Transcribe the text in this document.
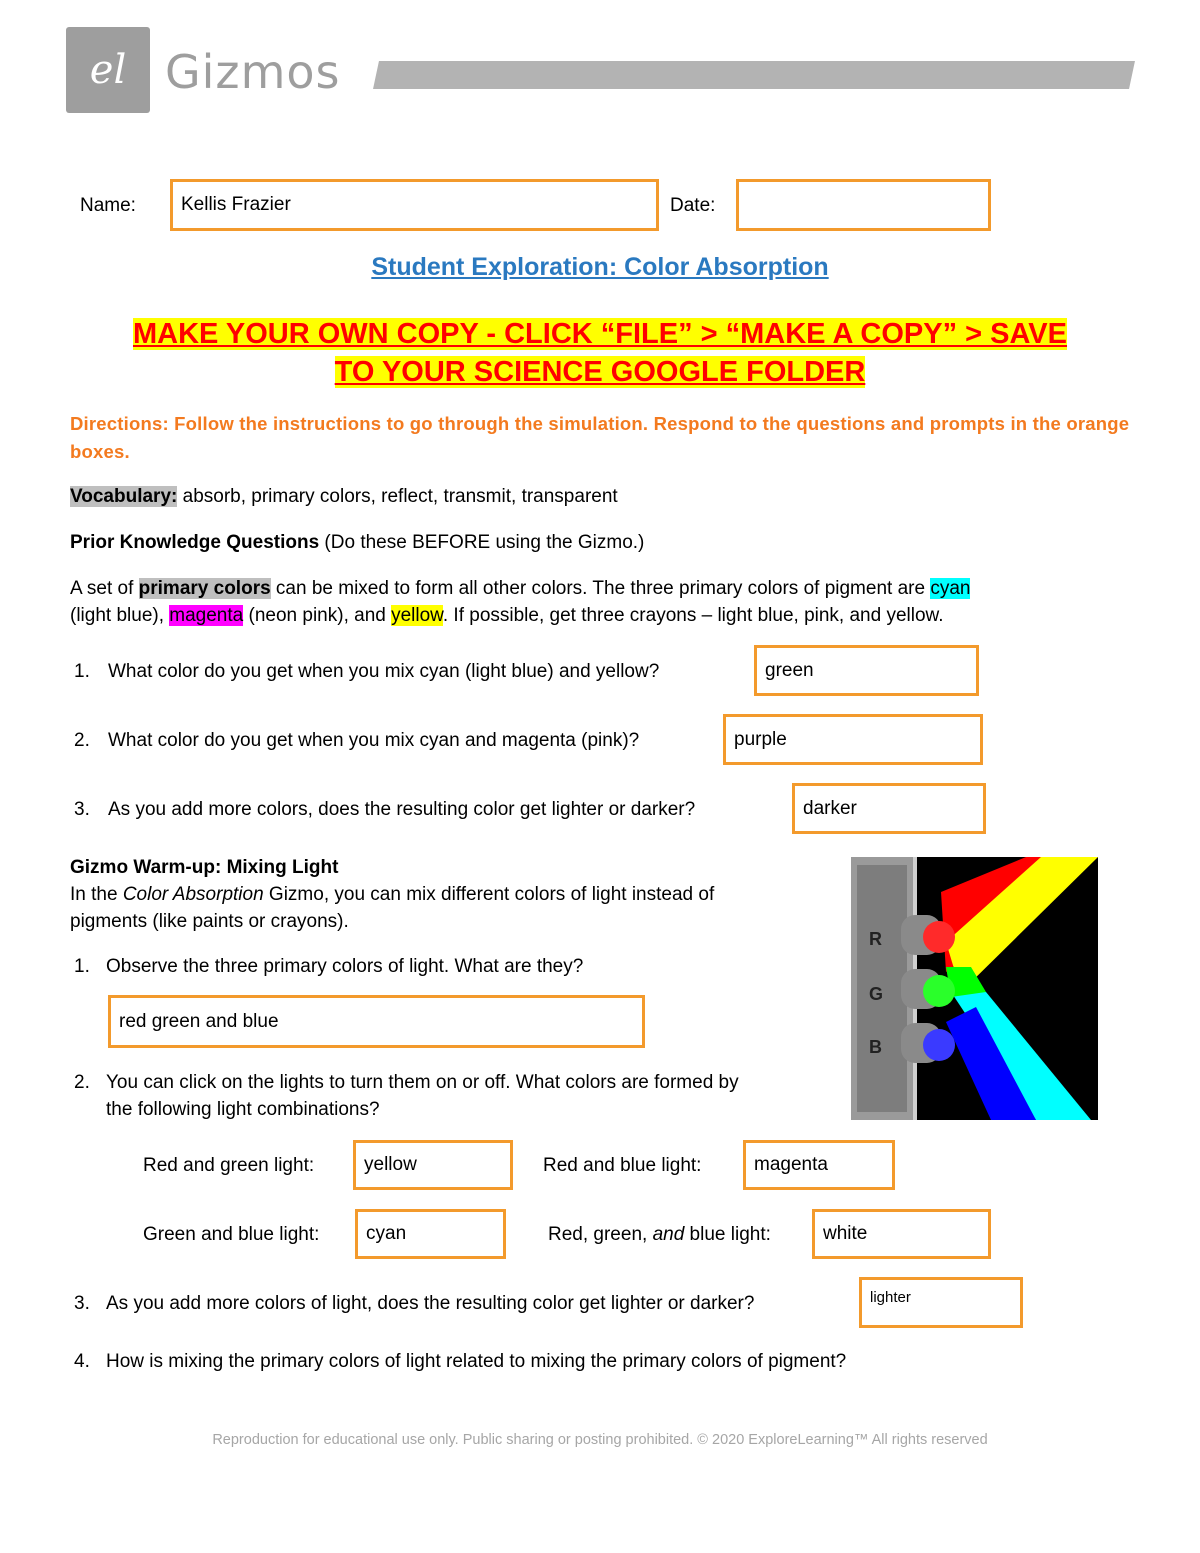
el Gizmos
Name: Kellis Frazier	Date:
Student Exploration: Color Absorption
MAKE YOUR OWN COPY - CLICK “FILE” > “MAKE A COPY” > SAVE
TO YOUR SCIENCE GOOGLE FOLDER
Directions: Follow the instructions to go through the simulation. Respond to the questions and prompts in the orange boxes.
Vocabulary: absorb, primary colors, reflect, transmit, transparent
Prior Knowledge Questions (Do these BEFORE using the Gizmo.)
A set of primary colors can be mixed to form all other colors. The three primary colors of pigment are cyan
(light blue), magenta (neon pink), and yellow. If possible, get three crayons – light blue, pink, and yellow.
1. What color do you get when you mix cyan (light blue) and yellow?	green
2. What color do you get when you mix cyan and magenta (pink)?	purple
3. As you add more colors, does the resulting color get lighter or darker?	darker
Gizmo Warm-up: Mixing Light
In the Color Absorption Gizmo, you can mix different colors of light instead of
pigments (like paints or crayons).
1. Observe the three primary colors of light. What are they?
red green and blue
2. You can click on the lights to turn them on or off. What colors are formed by
the following light combinations?
Red and green light:	yellow	Red and blue light:	magenta
Green and blue light: cyan	Red, green, and blue light:	white
3. As you add more colors of light, does the resulting color get lighter or darker?	lighter
4. How is mixing the primary colors of light related to mixing the primary colors of pigment?
R
G
B
Reproduction for educational use only. Public sharing or posting prohibited. © 2020 ExploreLearning™ All rights reserved
